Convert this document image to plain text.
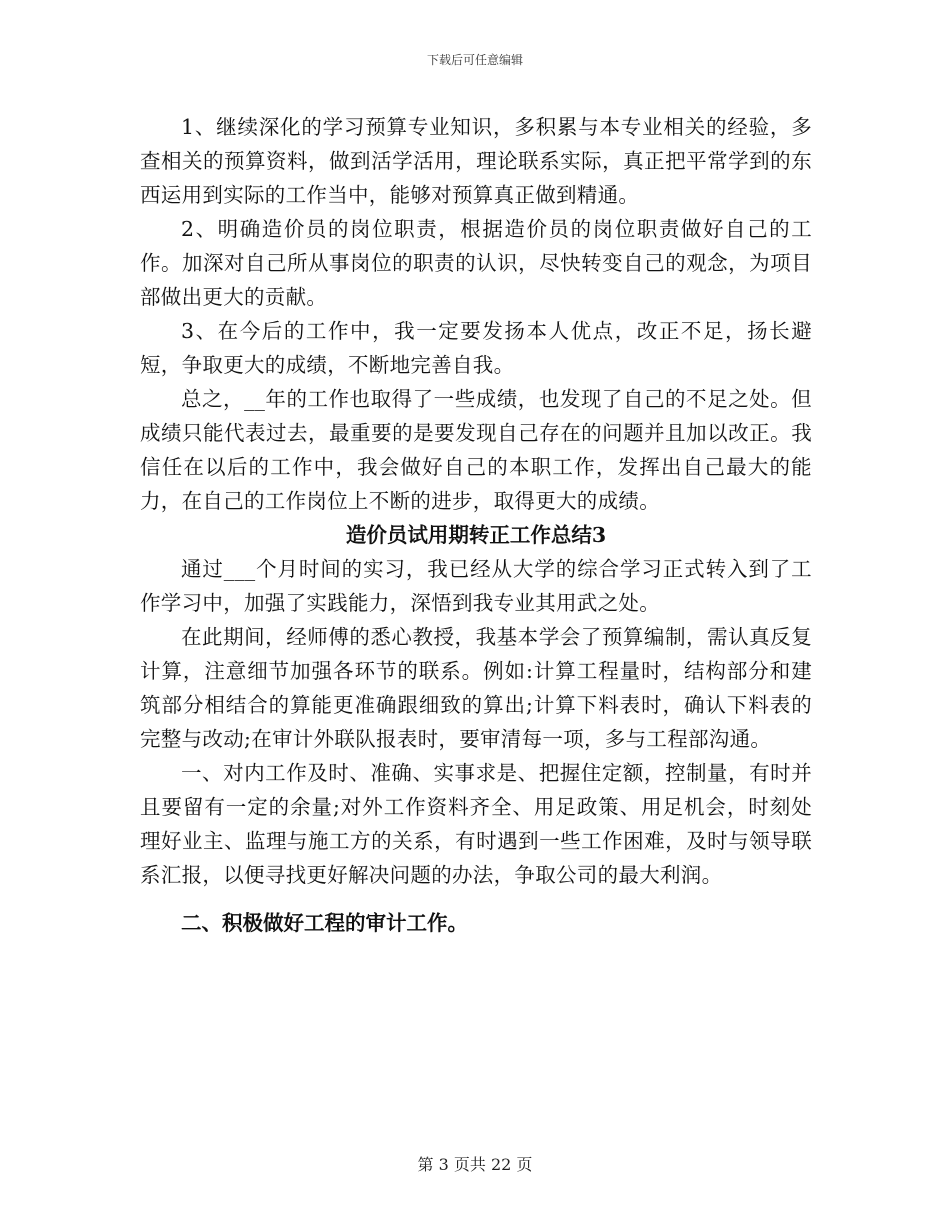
下载后可任意编辑

1、继续深化的学习预算专业知识，多积累与本专业相关的经验，多查相关的预算资料，做到活学活用，理论联系实际，真正把平常学到的东西运用到实际的工作当中，能够对预算真正做到精通。

2、明确造价员的岗位职责，根据造价员的岗位职责做好自己的工作。加深对自己所从事岗位的职责的认识，尽快转变自己的观念，为项目部做出更大的贡献。

3、在今后的工作中，我一定要发扬本人优点，改正不足，扬长避短，争取更大的成绩，不断地完善自我。

总之，__年的工作也取得了一些成绩，也发现了自己的不足之处。但成绩只能代表过去，最重要的是要发现自己存在的问题并且加以改正。我信任在以后的工作中，我会做好自己的本职工作，发挥出自己最大的能力，在自己的工作岗位上不断的进步，取得更大的成绩。

造价员试用期转正工作总结3

通过___个月时间的实习，我已经从大学的综合学习正式转入到了工作学习中，加强了实践能力，深悟到我专业其用武之处。

在此期间，经师傅的悉心教授，我基本学会了预算编制，需认真反复计算，注意细节加强各环节的联系。例如:计算工程量时，结构部分和建筑部分相结合的算能更准确跟细致的算出;计算下料表时，确认下料表的完整与改动;在审计外联队报表时，要审清每一项，多与工程部沟通。

一、对内工作及时、准确、实事求是、把握住定额，控制量，有时并且要留有一定的余量;对外工作资料齐全、用足政策、用足机会，时刻处理好业主、监理与施工方的关系，有时遇到一些工作困难，及时与领导联系汇报，以便寻找更好解决问题的办法，争取公司的最大利润。

二、积极做好工程的审计工作。

第 3 页共 22 页
